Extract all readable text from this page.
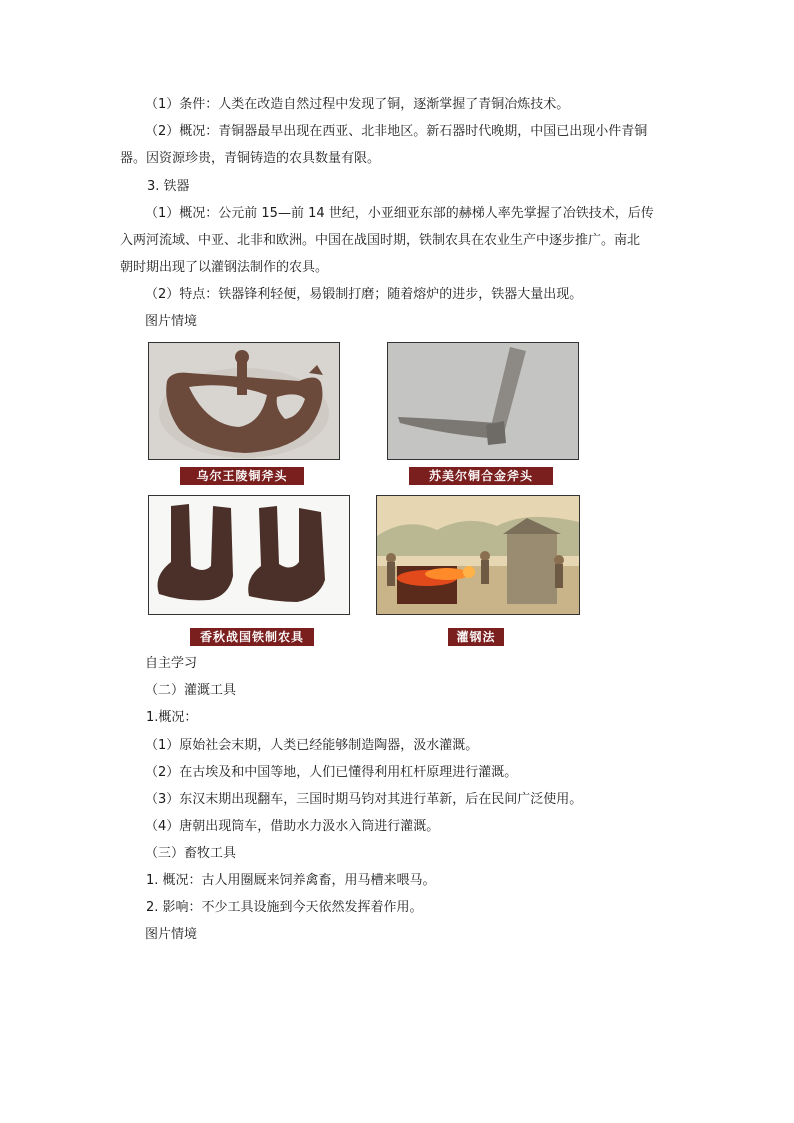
（1）条件：人类在改造自然过程中发现了铜，逐渐掌握了青铜冶炼技术。
（2）概况：青铜器最早出现在西亚、北非地区。新石器时代晚期，中国已出现小件青铜
器。因资源珍贵，青铜铸造的农具数量有限。
3. 铁器
（1）概况：公元前 15—前 14 世纪，小亚细亚东部的赫梯人率先掌握了冶铁技术，后传
入两河流域、中亚、北非和欧洲。中国在战国时期，铁制农具在农业生产中逐步推广。南北
朝时期出现了以灌钢法制作的农具。
（2）特点：铁器锋利轻便，易锻制打磨；随着熔炉的进步，铁器大量出现。
图片情境
乌尔王陵铜斧头	苏美尔铜合金斧头
香秋战国铁制农具	灌钢法
自主学习
（二）灌溉工具
1.概况：
（1）原始社会末期，人类已经能够制造陶器，汲水灌溉。
（2）在古埃及和中国等地，人们已懂得利用杠杆原理进行灌溉。
（3）东汉末期出现翻车，三国时期马钧对其进行革新，后在民间广泛使用。
（4）唐朝出现筒车，借助水力汲水入筒进行灌溉。
（三）畜牧工具
1. 概况：古人用圈厩来饲养禽畜，用马槽来喂马。
2. 影响：不少工具设施到今天依然发挥着作用。
图片情境
